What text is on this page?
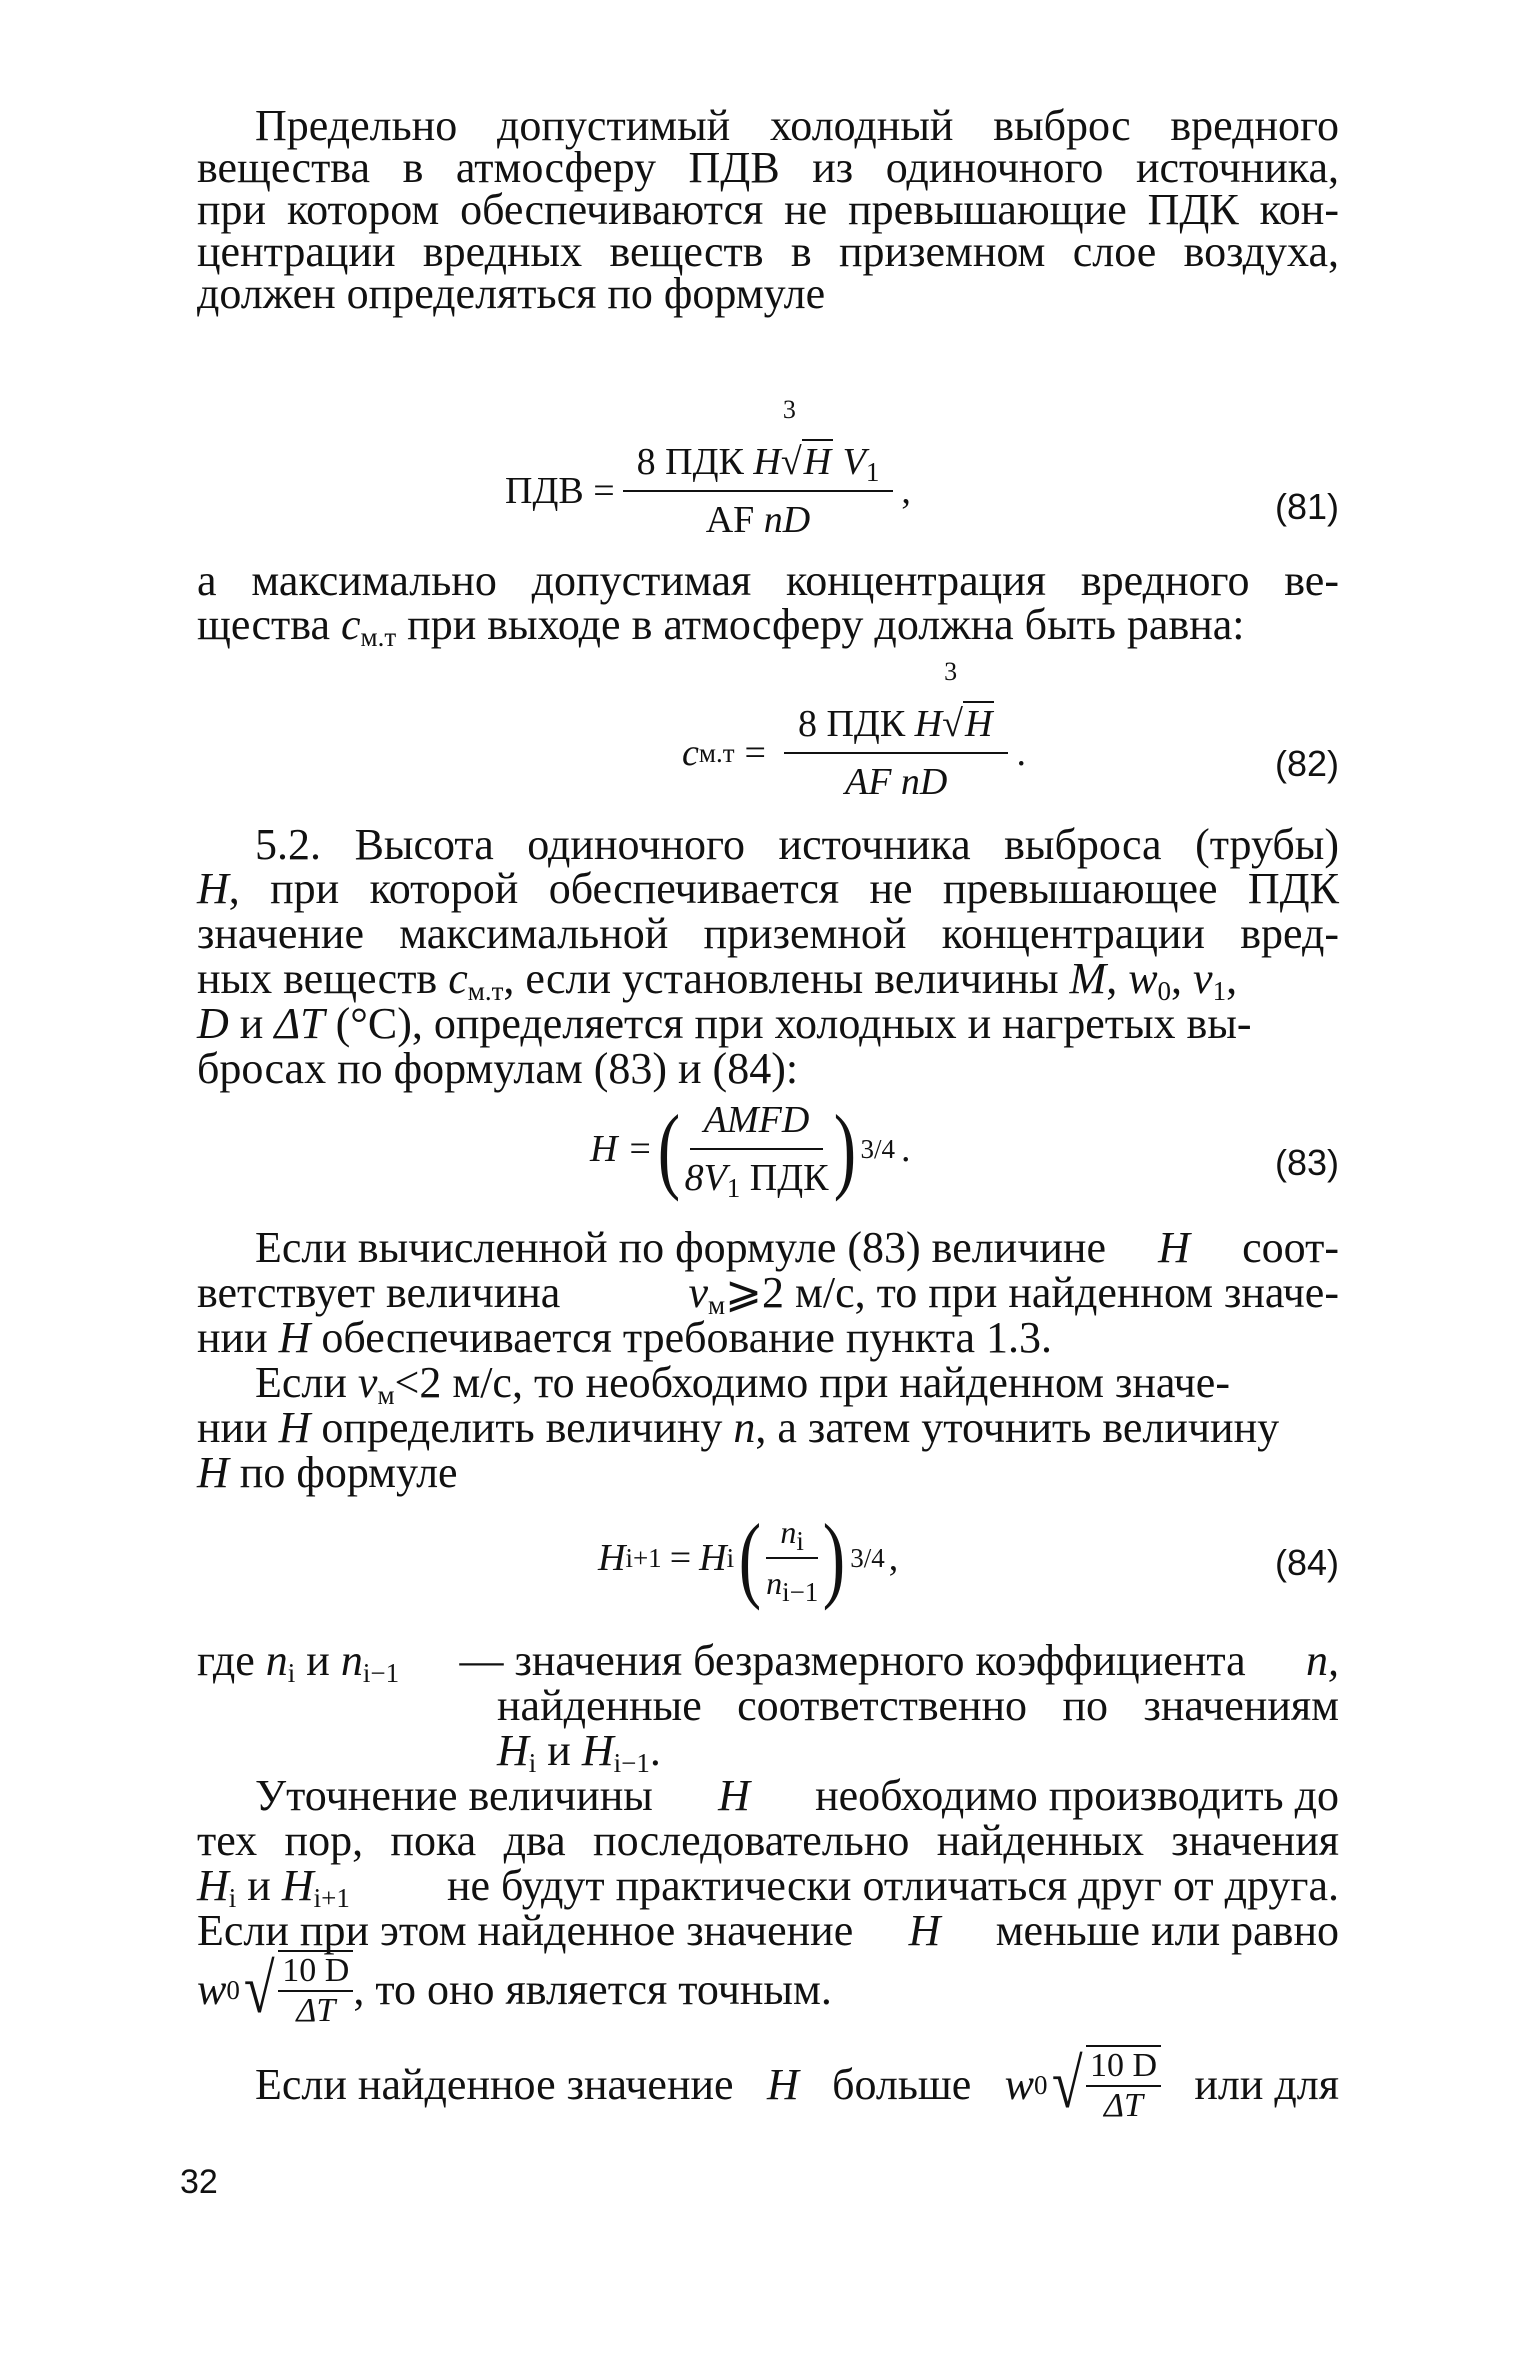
Предельно допустимый холодный выброс вредного
вещества в атмосферу ПДВ из одиночного источника,
при котором обеспечиваются не превышающие ПДК кон-
центрации вредных веществ в приземном слое воздуха,
должен определяться по формуле
ПДВ = 8 ПДК H
3
√H $V_1$
AF nD ,	(81)
а максимально допустимая концентрация вредного ве-
щества $c_{м.т}$ при выходе в атмосферу должна быть равна:
c м.т = 8 ПДК H
3
√H
AF nD .	(82)
5.2. Высота одиночного источника выброса (трубы)
H, при которой обеспечивается не превышающее ПДК
значение максимальной приземной концентрации вред-
ных веществ $c_{м.т}$, если установлены величины M, $w_0$, $v_1$,
D и ΔT (°C), определяется при холодных и нагретых вы-
бросах по формулам (83) и (84):
H = ( $\frac{\text{AMFD}}{8V_1 ПДК}$ ) 3/4 .	(83)
Если вычисленной по формуле (83) величине H соот-
ветствует величина	$v_м⩾2$ м/с, то при найденном значе-
нии H обеспечивается требование пункта 1.3.
Если $v_м<2$ м/с, то необходимо при найденном значе-
нии H определить величину n, а затем уточнить величину
H по формуле
H i+1 = H i ( $\frac{n_i}{n_{i-1}}$ ) 3/4 ,	(84)
где $n_i$ и $n_{i-1}$ — значения безразмерного коэффициента n,
найденные соответственно по значениям
$H_i$ и $H_{i-1}$.
Уточнение величины H необходимо производить до
тех пор, пока два последовательно найденных значения
$H_i$ и $H_{i+1}$ не будут практически отличаться друг от друга.
Если при этом найденное значение H меньше или равно
w 0 √ 10 D
ΔT , то оно является точным.
Если найденное значение H больше w 0 √ 10 D
ΔT или для
32
